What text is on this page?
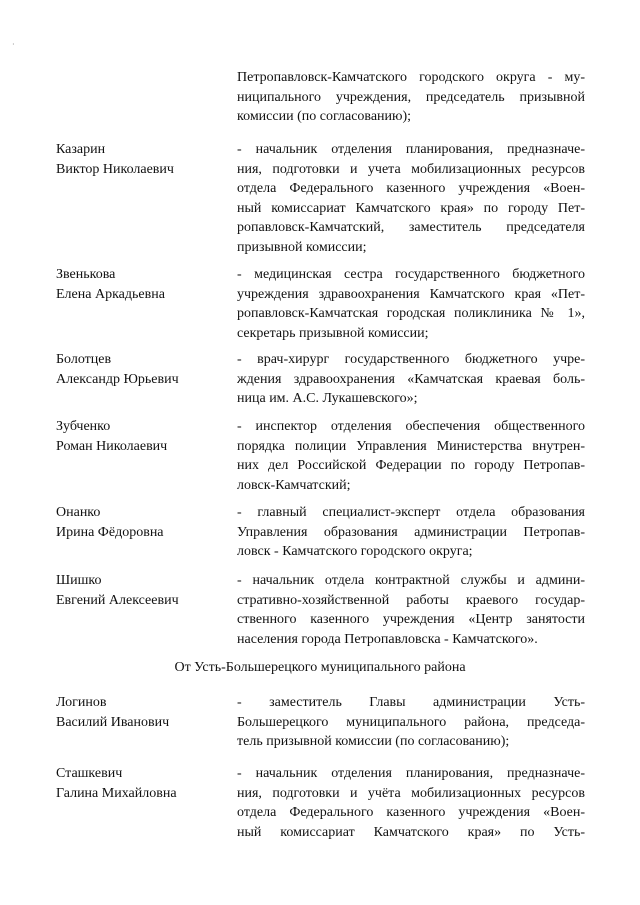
·
Петропавловск-Камчатского городского округа - му-
ниципального учреждения, председатель призывной
комиссии (по согласованию);
Казарин
Виктор Николаевич
- начальник отделения планирования, предназначе-
ния, подготовки и учета мобилизационных ресурсов
отдела Федерального казенного учреждения «Воен-
ный комиссариат Камчатского края» по городу Пет-
ропавловск-Камчатский, заместитель председателя
призывной комиссии;
Звенькова
Елена Аркадьевна
- медицинская сестра государственного бюджетного
учреждения здравоохранения Камчатского края «Пет-
ропавловск-Камчатская городская поликлиника № 1»,
секретарь призывной комиссии;
Болотцев
Александр Юрьевич
- врач-хирург государственного бюджетного учре-
ждения здравоохранения «Камчатская краевая боль-
ница им. А.С. Лукашевского»;
Зубченко
Роман Николаевич
- инспектор отделения обеспечения общественного
порядка полиции Управления Министерства внутрен-
них дел Российской Федерации по городу Петропав-
ловск-Камчатский;
Онанко
Ирина Фёдоровна
- главный специалист-эксперт отдела образования
Управления образования администрации Петропав-
ловск - Камчатского городского округа;
Шишко
Евгений Алексеевич
- начальник отдела контрактной службы и админи-
стративно-хозяйственной работы краевого государ-
ственного казенного учреждения «Центр занятости
населения города Петропавловска - Камчатского».
От Усть-Большерецкого муниципального района
Логинов
Василий Иванович
- заместитель Главы администрации Усть-
Большерецкого муниципального района, председа-
тель призывной комиссии (по согласованию);
Сташкевич
Галина Михайловна
- начальник отделения планирования, предназначе-
ния, подготовки и учёта мобилизационных ресурсов
отдела Федерального казенного учреждения «Воен-
ный комиссариат Камчатского края» по Усть-
